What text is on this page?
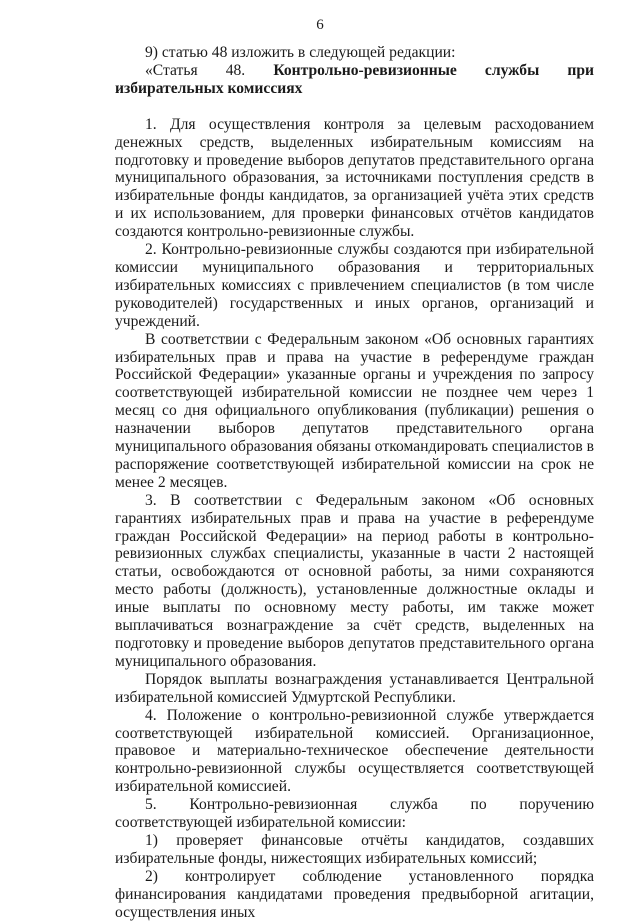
6

9) статью 48 изложить в следующей редакции:

«Статья 48. Контрольно-ревизионные службы при избирательных комиссиях

1. Для осуществления контроля за целевым расходованием денежных средств, выделенных избирательным комиссиям на подготовку и проведение выборов депутатов представительного органа муниципального образования, за источниками поступления средств в избирательные фонды кандидатов, за организацией учёта этих средств и их использованием, для проверки финансовых отчётов кандидатов создаются контрольно-ревизионные службы.

2. Контрольно-ревизионные службы создаются при избирательной комиссии муниципального образования и территориальных избирательных комиссиях с привлечением специалистов (в том числе руководителей) государственных и иных органов, организаций и учреждений.

В соответствии с Федеральным законом «Об основных гарантиях избирательных прав и права на участие в референдуме граждан Российской Федерации» указанные органы и учреждения по запросу соответствующей избирательной комиссии не позднее чем через 1 месяц со дня официального опубликования (публикации) решения о назначении выборов депутатов представительного органа муниципального образования обязаны откомандировать специалистов в распоряжение соответствующей избирательной комиссии на срок не менее 2 месяцев.

3. В соответствии с Федеральным законом «Об основных гарантиях избирательных прав и права на участие в референдуме граждан Российской Федерации» на период работы в контрольно-ревизионных службах специалисты, указанные в части 2 настоящей статьи, освобождаются от основной работы, за ними сохраняются место работы (должность), установленные должностные оклады и иные выплаты по основному месту работы, им также может выплачиваться вознаграждение за счёт средств, выделенных на подготовку и проведение выборов депутатов представительного органа муниципального образования.

Порядок выплаты вознаграждения устанавливается Центральной избирательной комиссией Удмуртской Республики.

4. Положение о контрольно-ревизионной службе утверждается соответствующей избирательной комиссией. Организационное, правовое и материально-техническое обеспечение деятельности контрольно-ревизионной службы осуществляется соответствующей избирательной комиссией.

5. Контрольно-ревизионная служба по поручению соответствующей избирательной комиссии:

1) проверяет финансовые отчёты кандидатов, создавших избирательные фонды, нижестоящих избирательных комиссий;

2) контролирует соблюдение установленного порядка финансирования кандидатами проведения предвыборной агитации, осуществления иных
